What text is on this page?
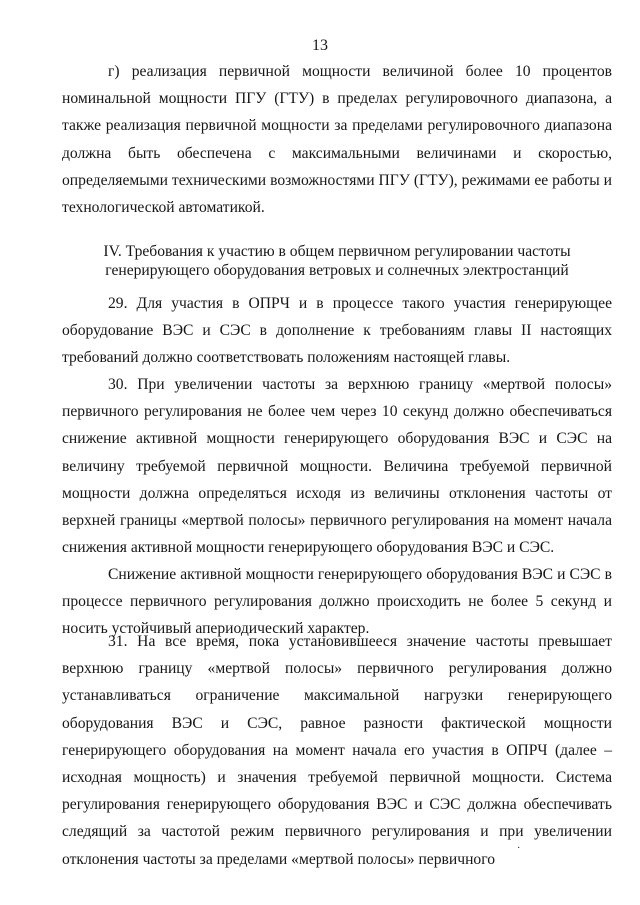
13

г) реализация первичной мощности величиной более 10 процентов номинальной мощности ПГУ (ГТУ) в пределах регулировочного диапазона, а также реализация первичной мощности за пределами регулировочного диапазона должна быть обеспечена с максимальными величинами и скоростью, определяемыми техническими возможностями ПГУ (ГТУ), режимами ее работы и технологической автоматикой.

IV. Требования к участию в общем первичном регулировании частоты
генерирующего оборудования ветровых и солнечных электростанций

29. Для участия в ОПРЧ и в процессе такого участия генерирующее оборудование ВЭС и СЭС в дополнение к требованиям главы II настоящих требований должно соответствовать положениям настоящей главы.

30. При увеличении частоты за верхнюю границу «мертвой полосы» первичного регулирования не более чем через 10 секунд должно обеспечиваться снижение активной мощности генерирующего оборудования ВЭС и СЭС на величину требуемой первичной мощности. Величина требуемой первичной мощности должна определяться исходя из величины отклонения частоты от верхней границы «мертвой полосы» первичного регулирования на момент начала снижения активной мощности генерирующего оборудования ВЭС и СЭС.

Снижение активной мощности генерирующего оборудования ВЭС и СЭС в процессе первичного регулирования должно происходить не более 5 секунд и носить устойчивый апериодический характер.

31. На все время, пока установившееся значение частоты превышает верхнюю границу «мертвой полосы» первичного регулирования должно устанавливаться ограничение максимальной нагрузки генерирующего оборудования ВЭС и СЭС, равное разности фактической мощности генерирующего оборудования на момент начала его участия в ОПРЧ (далее – исходная мощность) и значения требуемой первичной мощности. Система регулирования генерирующего оборудования ВЭС и СЭС должна обеспечивать следящий за частотой режим первичного регулирования и при увеличении отклонения частоты за пределами «мертвой полосы» первичного

·
